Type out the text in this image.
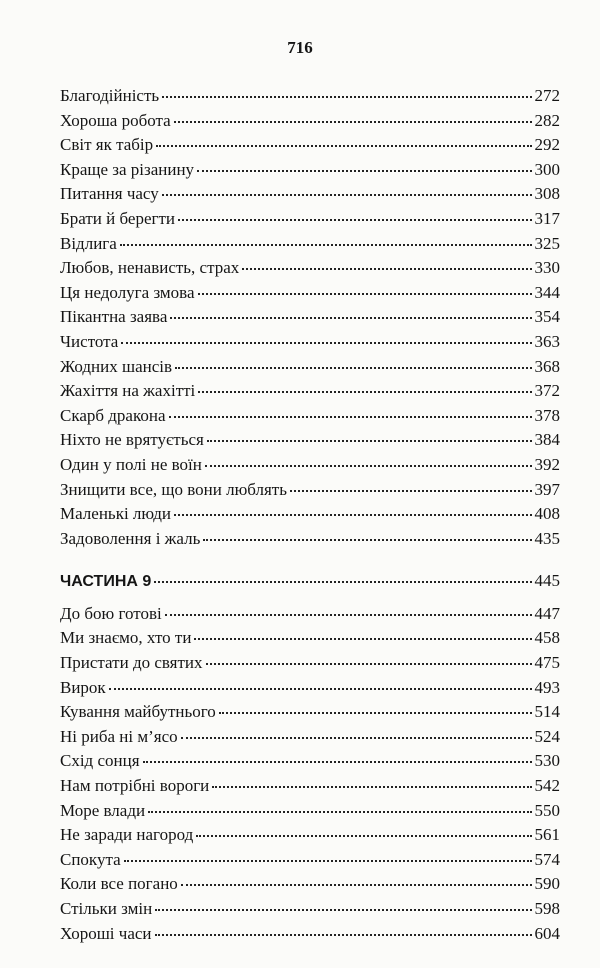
716
Благодійність	272
Хороша робота	282
Світ як табір	292
Краще за різанину	300
Питання часу	308
Брати й берегти	317
Відлига	325
Любов, ненависть, страх	330
Ця недолуга змова	344
Пікантна заява	354
Чистота	363
Жодних шансів	368
Жахіття на жахітті	372
Скарб дракона	378
Ніхто не врятується	384
Один у полі не воїн	392
Знищити все, що вони люблять	397
Маленькі люди	408
Задоволення і жаль	435
ЧАСТИНА 9	445
До бою готові	447
Ми знаємо, хто ти	458
Пристати до святих	475
Вирок	493
Кування майбутнього	514
Ні риба ні м’ясо	524
Схід сонця	530
Нам потрібні вороги	542
Море влади	550
Не заради нагород	561
Спокута	574
Коли все погано	590
Стільки змін	598
Хороші часи	604
